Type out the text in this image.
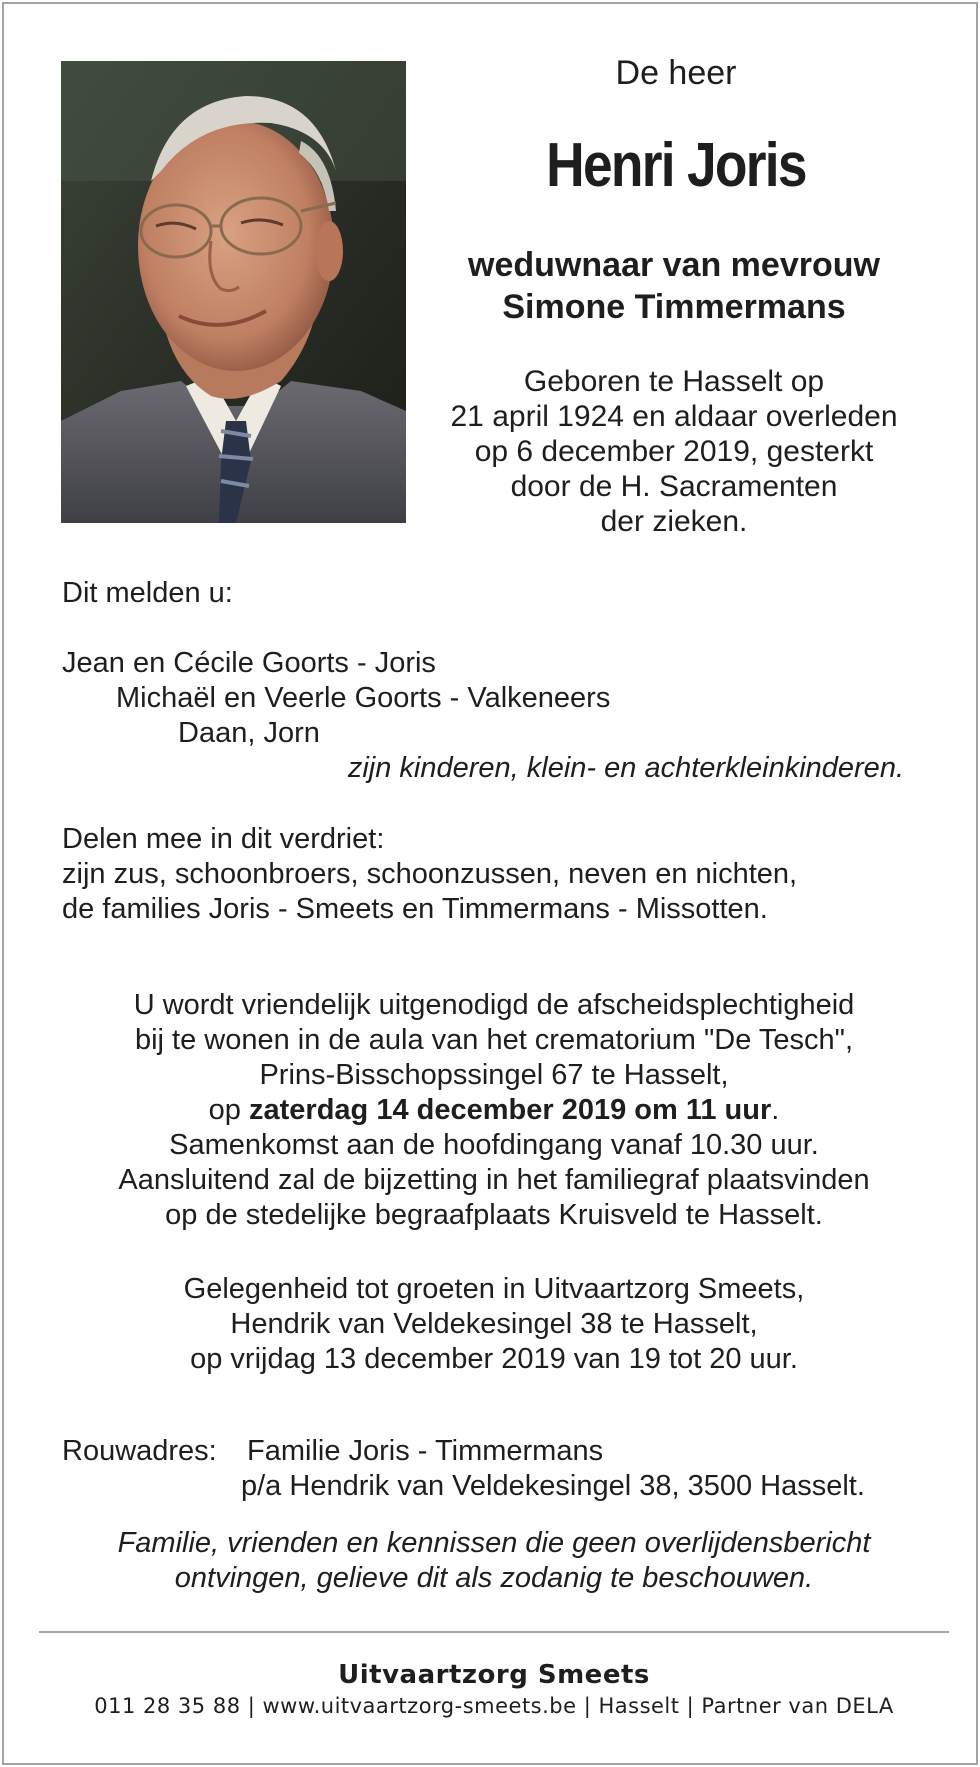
De heer
Henri Joris
weduwnaar van mevrouw
Simone Timmermans
Geboren te Hasselt op
21 april 1924 en aldaar overleden
op 6 december 2019, gesterkt
door de H. Sacramenten
der zieken.
Dit melden u:
Jean en Cécile Goorts - Joris
Michaël en Veerle Goorts - Valkeneers
Daan, Jorn
zijn kinderen, klein- en achterkleinkinderen.
Delen mee in dit verdriet:
zijn zus, schoonbroers, schoonzussen, neven en nichten,
de families Joris - Smeets en Timmermans - Missotten.
U wordt vriendelijk uitgenodigd de afscheidsplechtigheid
bij te wonen in de aula van het crematorium "De Tesch",
Prins-Bisschopssingel 67 te Hasselt,
op zaterdag 14 december 2019 om 11 uur.
Samenkomst aan de hoofdingang vanaf 10.30 uur.
Aansluitend zal de bijzetting in het familiegraf plaatsvinden
op de stedelijke begraafplaats Kruisveld te Hasselt.
Gelegenheid tot groeten in Uitvaartzorg Smeets,
Hendrik van Veldekesingel 38 te Hasselt,
op vrijdag 13 december 2019 van 19 tot 20 uur.
Rouwadres: Familie Joris - Timmermans
p/a Hendrik van Veldekesingel 38, 3500 Hasselt.
Familie, vrienden en kennissen die geen overlijdensbericht
ontvingen, gelieve dit als zodanig te beschouwen.
Uitvaartzorg Smeets
011 28 35 88 | www.uitvaartzorg-smeets.be | Hasselt | Partner van DELA
